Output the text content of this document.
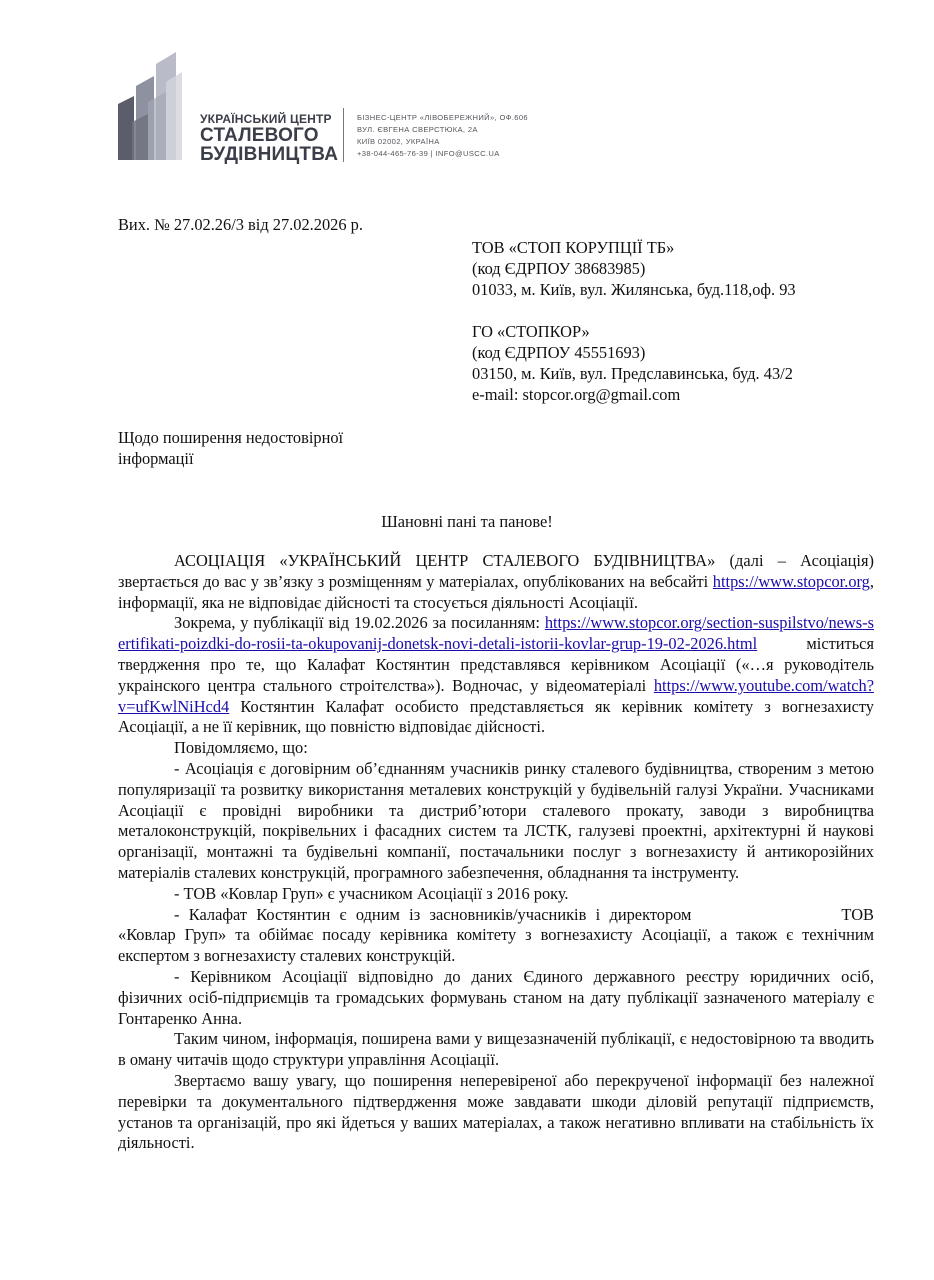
УКРАЇНСЬКИЙ ЦЕНТР
СТАЛЕВОГО
БУДІВНИЦТВА
БІЗНЕС-ЦЕНТР «ЛІВОБЕРЕЖНИЙ», ОФ.606
ВУЛ. ЄВГЕНА СВЕРСТЮКА, 2А
КИЇВ 02002, УКРАЇНА
+38-044-465-76-39 | INFO@USCC.UA
Вих. № 27.02.26/3 від 27.02.2026 р.
ТОВ «СТОП КОРУПЦІЇ ТБ»
(код ЄДРПОУ 38683985)
01033, м. Київ, вул. Жилянська, буд.118,оф. 93
ГО «СТОПКОР»
(код ЄДРПОУ 45551693)
03150, м. Київ, вул. Предславинська, буд. 43/2
e-mail: stopcor.org@gmail.com
Щодо поширення недостовірної
інформації
Шановні пані та панове!

АСОЦІАЦІЯ «УКРАЇНСЬКИЙ ЦЕНТР СТАЛЕВОГО БУДІВНИЦТВА» (далі – Асоціація) звертається до вас у зв’язку з розміщенням у матеріалах, опублікованих на вебсайті https://www.stopcor.org, інформації, яка не відповідає дійсності та стосується діяльності Асоціації.

Зокрема, у публікації від 19.02.2026 за посиланням: https://www.stopcor.org/section-suspilstvo/news-sertifikati-poizdki-do-rosii-ta-okupovanij-donetsk-novi-detali-istorii-kovlar-grup-19-02-2026.html	міститься твердження про те, що Калафат Костянтин представлявся керівником Асоціації («…я руководітель украінского центра стального строітєлства»). Водночас, у відеоматеріалі https://www.youtube.com/watch?v=ufKwlNiHcd4 Костянтин Калафат особисто представляється як керівник комітету з вогнезахисту Асоціації, а не її керівник, що повністю відповідає дійсності.

Повідомляємо, що:

- Асоціація є договірним об’єднанням учасників ринку сталевого будівництва, створеним з метою популяризації та розвитку використання металевих конструкцій у будівельній галузі України. Учасниками Асоціації є провідні виробники та дистриб’ютори сталевого прокату, заводи з виробництва металоконструкцій, покрівельних і фасадних систем та ЛСТК, галузеві проектні, архітектурні й наукові організації, монтажні та будівельні компанії, постачальники послуг з вогнезахисту й антикорозійних матеріалів сталевих конструкцій, програмного забезпечення, обладнання та інструменту.

- ТОВ «Ковлар Груп» є учасником Асоціації з 2016 року.

- Калафат Костянтин є одним із засновників/учасників і директором	ТОВ «Ковлар Груп» та обіймає посаду керівника комітету з вогнезахисту Асоціації, а також є технічним експертом з вогнезахисту сталевих конструкцій.

- Керівником Асоціації відповідно до даних Єдиного державного реєстру юридичних осіб, фізичних осіб-підприємців та громадських формувань станом на дату публікації зазначеного матеріалу є Гонтаренко Анна.

Таким чином, інформація, поширена вами у вищезазначеній публікації, є недостовірною та вводить в оману читачів щодо структури управління Асоціації.

Звертаємо вашу увагу, що поширення неперевіреної або перекрученої інформації без належної перевірки та документального підтвердження може завдавати шкоди діловій репутації підприємств, установ та організацій, про які йдеться у ваших матеріалах, а також негативно впливати на стабільність їх діяльності.
